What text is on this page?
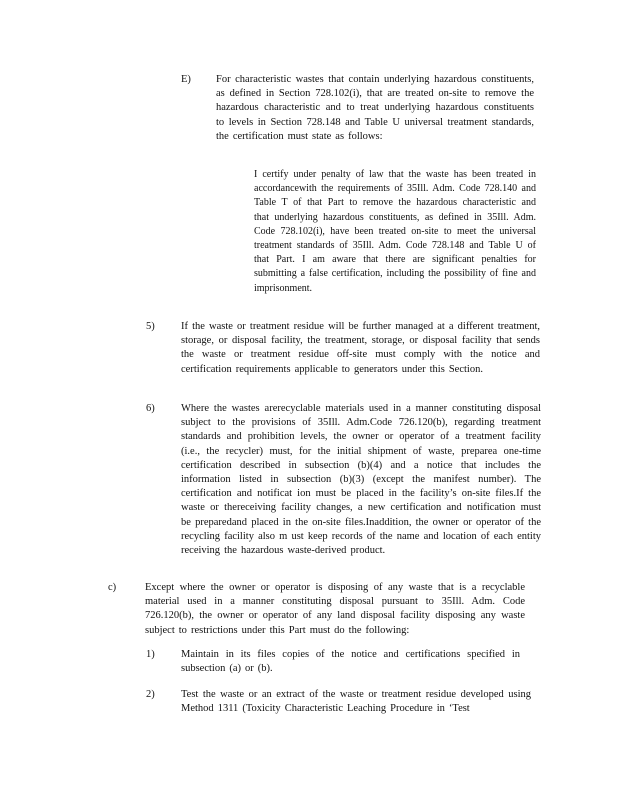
E) For characteristic wastes that contain underlying hazardous constituents, as defined in Section 728.102(i), that are treated on-site to remove the hazardous characteristic and to treat underlying hazardous constituents to levels in Section 728.148 and Table U universal treatment standards, the certification must state as follows:
I certify under penalty of law that the waste has been treated in accordancewith the requirements of 35Ill. Adm. Code 728.140 and Table T of that Part to remove the hazardous characteristic and that underlying hazardous constituents, as defined in 35Ill. Adm. Code 728.102(i), have been treated on-site to meet the universal treatment standards of 35Ill. Adm. Code 728.148 and Table U of that Part. I am aware that there are significant penalties for submitting a false certification, including the possibility of fine and imprisonment.
5)	If the waste or treatment residue will be further managed at a different treatment, storage, or disposal facility, the treatment, storage, or disposal facility that sends the waste or treatment residue off-site must comply with the notice and certification requirements applicable to generators under this Section.
6)	Where the wastes arerecyclable materials used in a manner constituting disposal subject to the provisions of 35Ill. Adm.Code 726.120(b), regarding treatment standards and prohibition levels, the owner or operator of a treatment facility (i.e., the recycler) must, for the initial shipment of waste, preparea one-time certification described in subsection (b)(4) and a notice that includes the information listed in subsection (b)(3) (except the manifest number). The certification and notificat ion must be placed in the facility’s on-site files.If the waste or thereceiving facility changes, a new certification and notification must be preparedand placed in the on-site files.Inaddition, the owner or operator of the recycling facility also m ust keep records of the name and location of each entity receiving the hazardous waste-derived product.
c)	Except where the owner or operator is disposing of any waste that is a recyclable material used in a manner constituting disposal pursuant to 35Ill. Adm. Code 726.120(b), the owner or operator of any land disposal facility disposing any waste subject to restrictions under this Part must do the following:
1)	Maintain in its files copies of the notice and certifications specified in subsection (a) or (b).
2)	Test the waste or an extract of the waste or treatment residue developed using Method 1311 (Toxicity Characteristic Leaching Procedure in ‘Test
